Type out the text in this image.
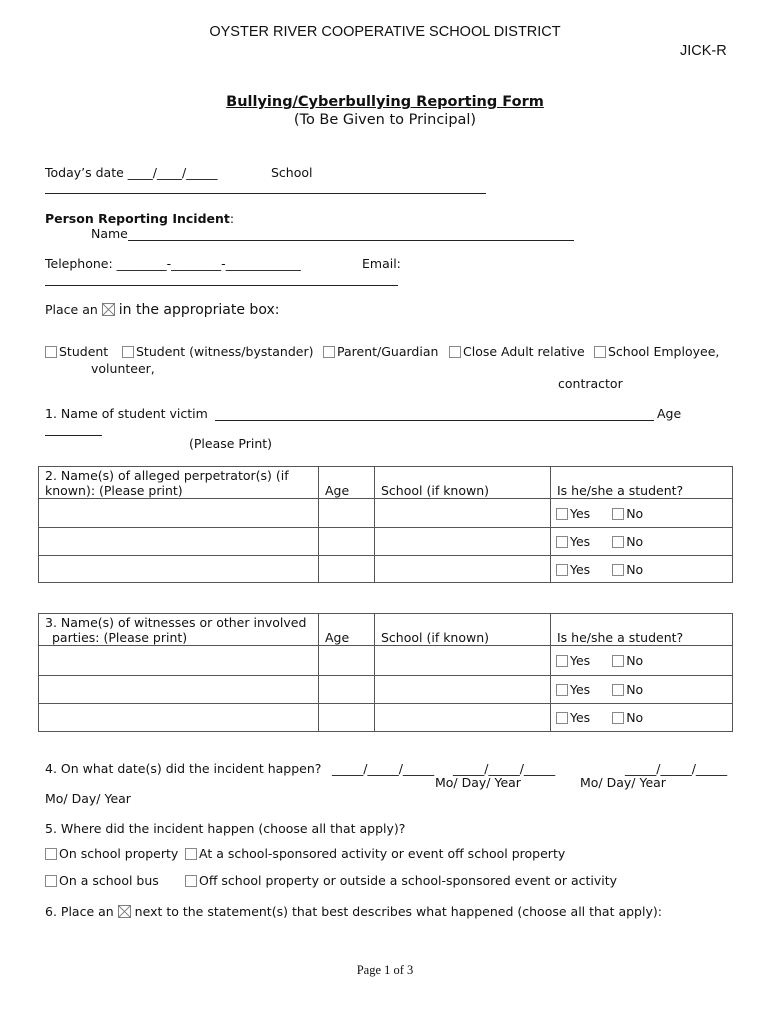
OYSTER RIVER COOPERATIVE SCHOOL DISTRICT
JICK-R
Bullying/Cyberbullying Reporting Form
(To Be Given to Principal)
Today’s date ____/____/_____	School
Person Reporting Incident:
Name
Telephone: ________-________-____________	Email:
Place an in the appropriate box:
Student	Student (witness/bystander)	Parent/Guardian	Close Adult relative	School Employee,
volunteer,
contractor
1. Name of student victim	Age
(Please Print)
2. Name(s) of alleged perpetrator(s) (if
known): (Please print)	Age	School (if known)	Is he/she a student?
			Yes No
			Yes No
			Yes No
3. Name(s) of witnesses or other involved
parties: (Please print)	Age	School (if known)	Is he/she a student?
			Yes No
			Yes No
			Yes No
4. On what date(s) did the incident happen? _____/_____/_____ _____/_____/_____	_____/_____/_____
Mo/ Day/ Year	Mo/ Day/ Year
Mo/ Day/ Year
5. Where did the incident happen (choose all that apply)?
On school property	At a school-sponsored activity or event off school property
On a school bus	Off school property or outside a school-sponsored event or activity
6. Place an next to the statement(s) that best describes what happened (choose all that apply):
Page 1 of 3
